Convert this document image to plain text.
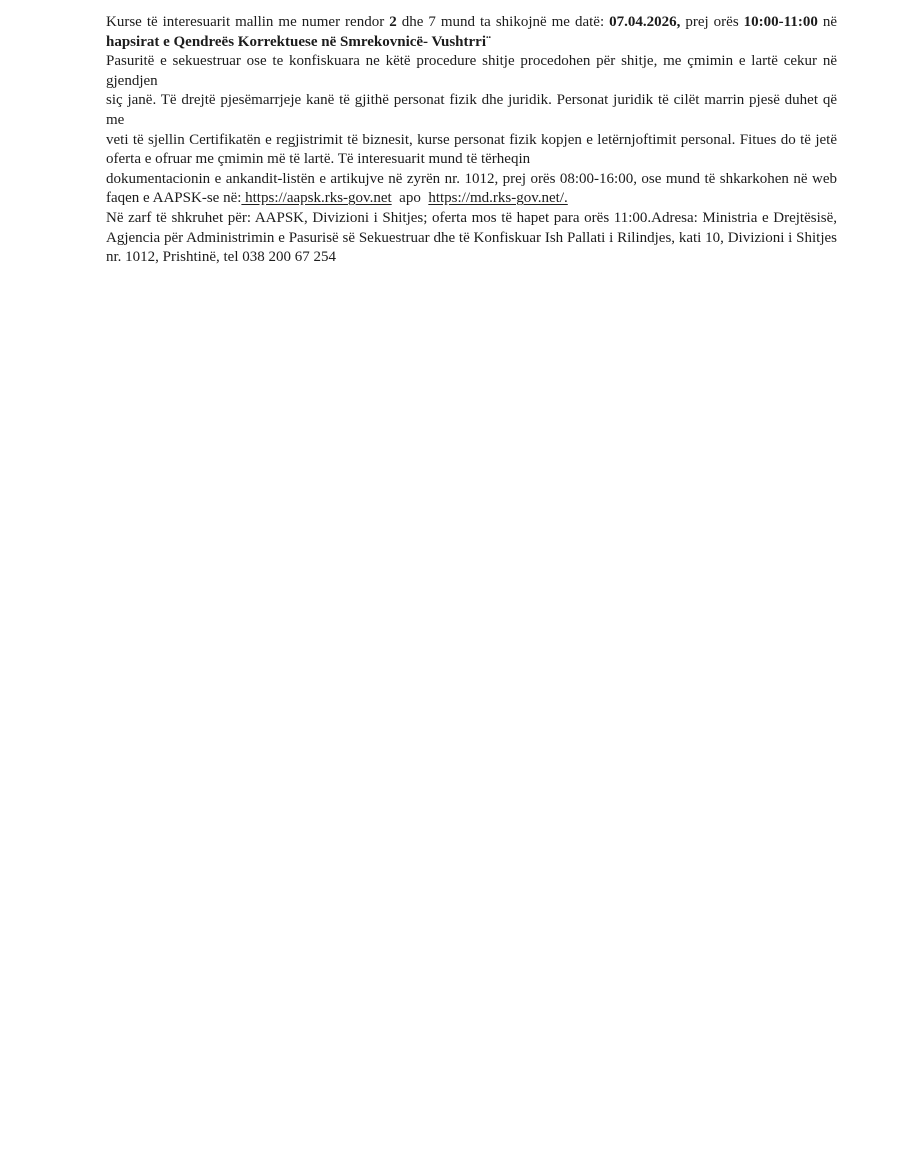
Kurse të interesuarit mallin me numer rendor 2 dhe 7 mund ta shikojnë me datë: 07.04.2026, prej orës 10:00-11:00 në
hapsirat e Qendreës Korrektuese në Smrekovnicë- Vushtrri¨
Pasuritë e sekuestruar ose te konfiskuara ne këtë procedure shitje procedohen për shitje, me çmimin e lartë cekur në gjendjen
siç janë. Të drejtë pjesëmarrjeje kanë të gjithë personat fizik dhe juridik. Personat juridik të cilët marrin pjesë duhet që me
veti të sjellin Certifikatën e regjistrimit të biznesit, kurse personat fizik kopjen e letërnjoftimit personal. Fitues do të jetë
oferta e ofruar me çmimin më të lartë. Të interesuarit mund të tërheqin
dokumentacionin e ankandit-listën e artikujve në zyrën nr. 1012, prej orës 08:00-16:00, ose mund të shkarkohen në web
faqen e AAPSK-se në: https://aapsk.rks-gov.net  apo  https://md.rks-gov.net/.
Në zarf të shkruhet për: AAPSK, Divizioni i Shitjes; oferta mos të hapet para orës 11:00.Adresa: Ministria e Drejtësisë,
Agjencia për Administrimin e Pasurisë së Sekuestruar dhe të Konfiskuar Ish Pallati i Rilindjes, kati 10, Divizioni i Shitjes
nr. 1012, Prishtinë, tel 038 200 67 254
